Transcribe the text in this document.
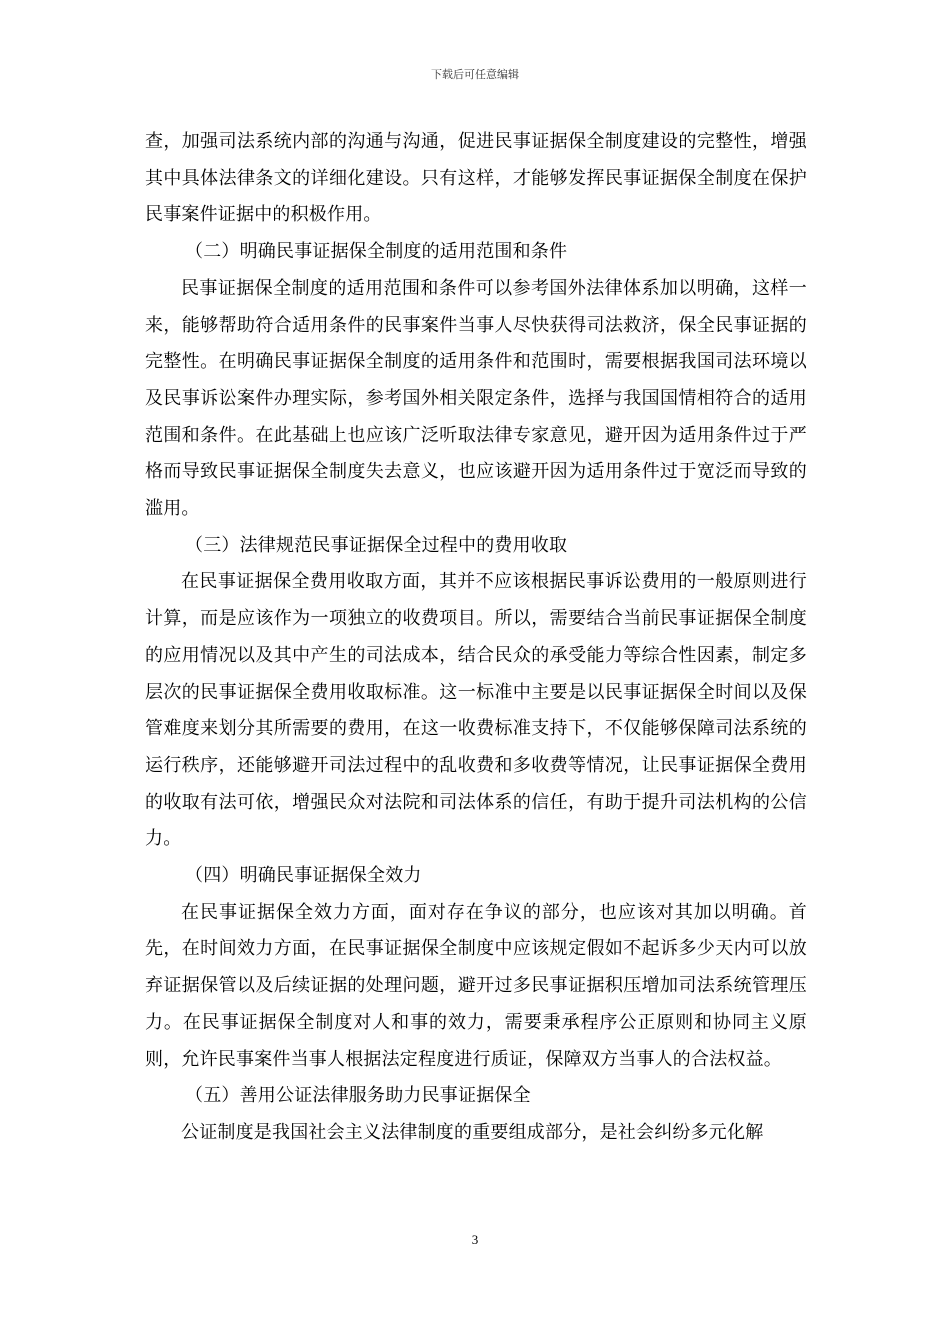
下载后可任意编辑

查，加强司法系统内部的沟通与沟通，促进民事证据保全制度建设的完整性，增强其中具体法律条文的详细化建设。只有这样，才能够发挥民事证据保全制度在保护民事案件证据中的积极作用。

（二）明确民事证据保全制度的适用范围和条件

民事证据保全制度的适用范围和条件可以参考国外法律体系加以明确，这样一来，能够帮助符合适用条件的民事案件当事人尽快获得司法救济，保全民事证据的完整性。在明确民事证据保全制度的适用条件和范围时，需要根据我国司法环境以及民事诉讼案件办理实际，参考国外相关限定条件，选择与我国国情相符合的适用范围和条件。在此基础上也应该广泛听取法律专家意见，避开因为适用条件过于严格而导致民事证据保全制度失去意义，也应该避开因为适用条件过于宽泛而导致的滥用。

（三）法律规范民事证据保全过程中的费用收取

在民事证据保全费用收取方面，其并不应该根据民事诉讼费用的一般原则进行计算，而是应该作为一项独立的收费项目。所以，需要结合当前民事证据保全制度的应用情况以及其中产生的司法成本，结合民众的承受能力等综合性因素，制定多层次的民事证据保全费用收取标准。这一标准中主要是以民事证据保全时间以及保管难度来划分其所需要的费用，在这一收费标准支持下，不仅能够保障司法系统的运行秩序，还能够避开司法过程中的乱收费和多收费等情况，让民事证据保全费用的收取有法可依，增强民众对法院和司法体系的信任，有助于提升司法机构的公信力。

（四）明确民事证据保全效力

在民事证据保全效力方面，面对存在争议的部分，也应该对其加以明确。首先，在时间效力方面，在民事证据保全制度中应该规定假如不起诉多少天内可以放弃证据保管以及后续证据的处理问题，避开过多民事证据积压增加司法系统管理压力。在民事证据保全制度对人和事的效力，需要秉承程序公正原则和协同主义原则，允许民事案件当事人根据法定程度进行质证，保障双方当事人的合法权益。

（五）善用公证法律服务助力民事证据保全

公证制度是我国社会主义法律制度的重要组成部分，是社会纠纷多元化解

3
